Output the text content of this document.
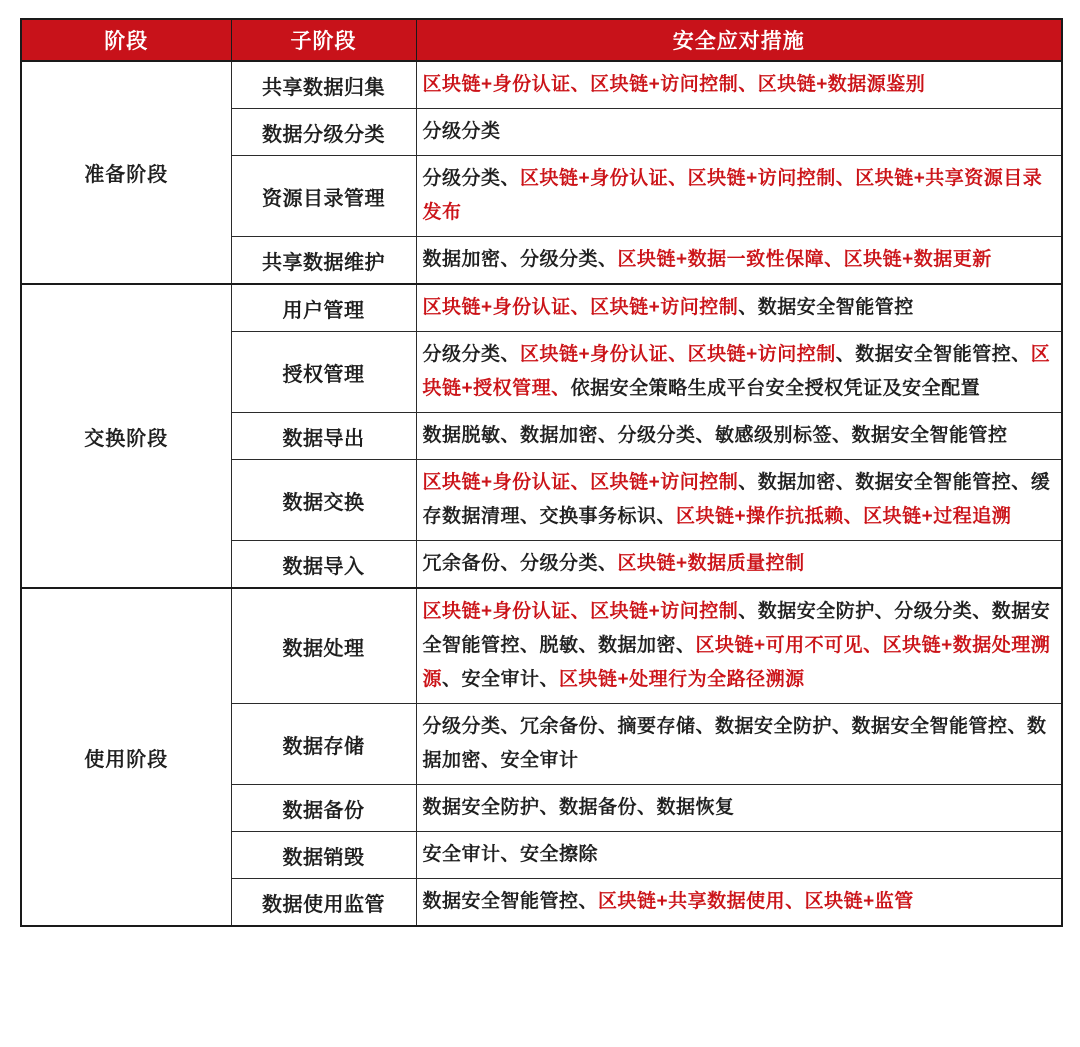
阶段	子阶段	安全应对措施
准备阶段	共享数据归集	区块链+身份认证、区块链+访问控制、区块链+数据源鉴别
	数据分级分类	分级分类
	资源目录管理	分级分类、区块链+身份认证、区块链+访问控制、区块链+共享资源目录发布
	共享数据维护	数据加密、分级分类、区块链+数据一致性保障、区块链+数据更新
交换阶段	用户管理	区块链+身份认证、区块链+访问控制、数据安全智能管控
	授权管理	分级分类、区块链+身份认证、区块链+访问控制、数据安全智能管控、区块链+授权管理、依据安全策略生成平台安全授权凭证及安全配置
	数据导出	数据脱敏、数据加密、分级分类、敏感级别标签、数据安全智能管控
	数据交换	区块链+身份认证、区块链+访问控制、数据加密、数据安全智能管控、缓存数据清理、交换事务标识、区块链+操作抗抵赖、区块链+过程追溯
	数据导入	冗余备份、分级分类、区块链+数据质量控制
使用阶段	数据处理	区块链+身份认证、区块链+访问控制、数据安全防护、分级分类、数据安全智能管控、脱敏、数据加密、区块链+可用不可见、区块链+数据处理溯源、安全审计、区块链+处理行为全路径溯源
	数据存储	分级分类、冗余备份、摘要存储、数据安全防护、数据安全智能管控、数据加密、安全审计
	数据备份	数据安全防护、数据备份、数据恢复
	数据销毁	安全审计、安全擦除
	数据使用监管	数据安全智能管控、区块链+共享数据使用、区块链+监管
